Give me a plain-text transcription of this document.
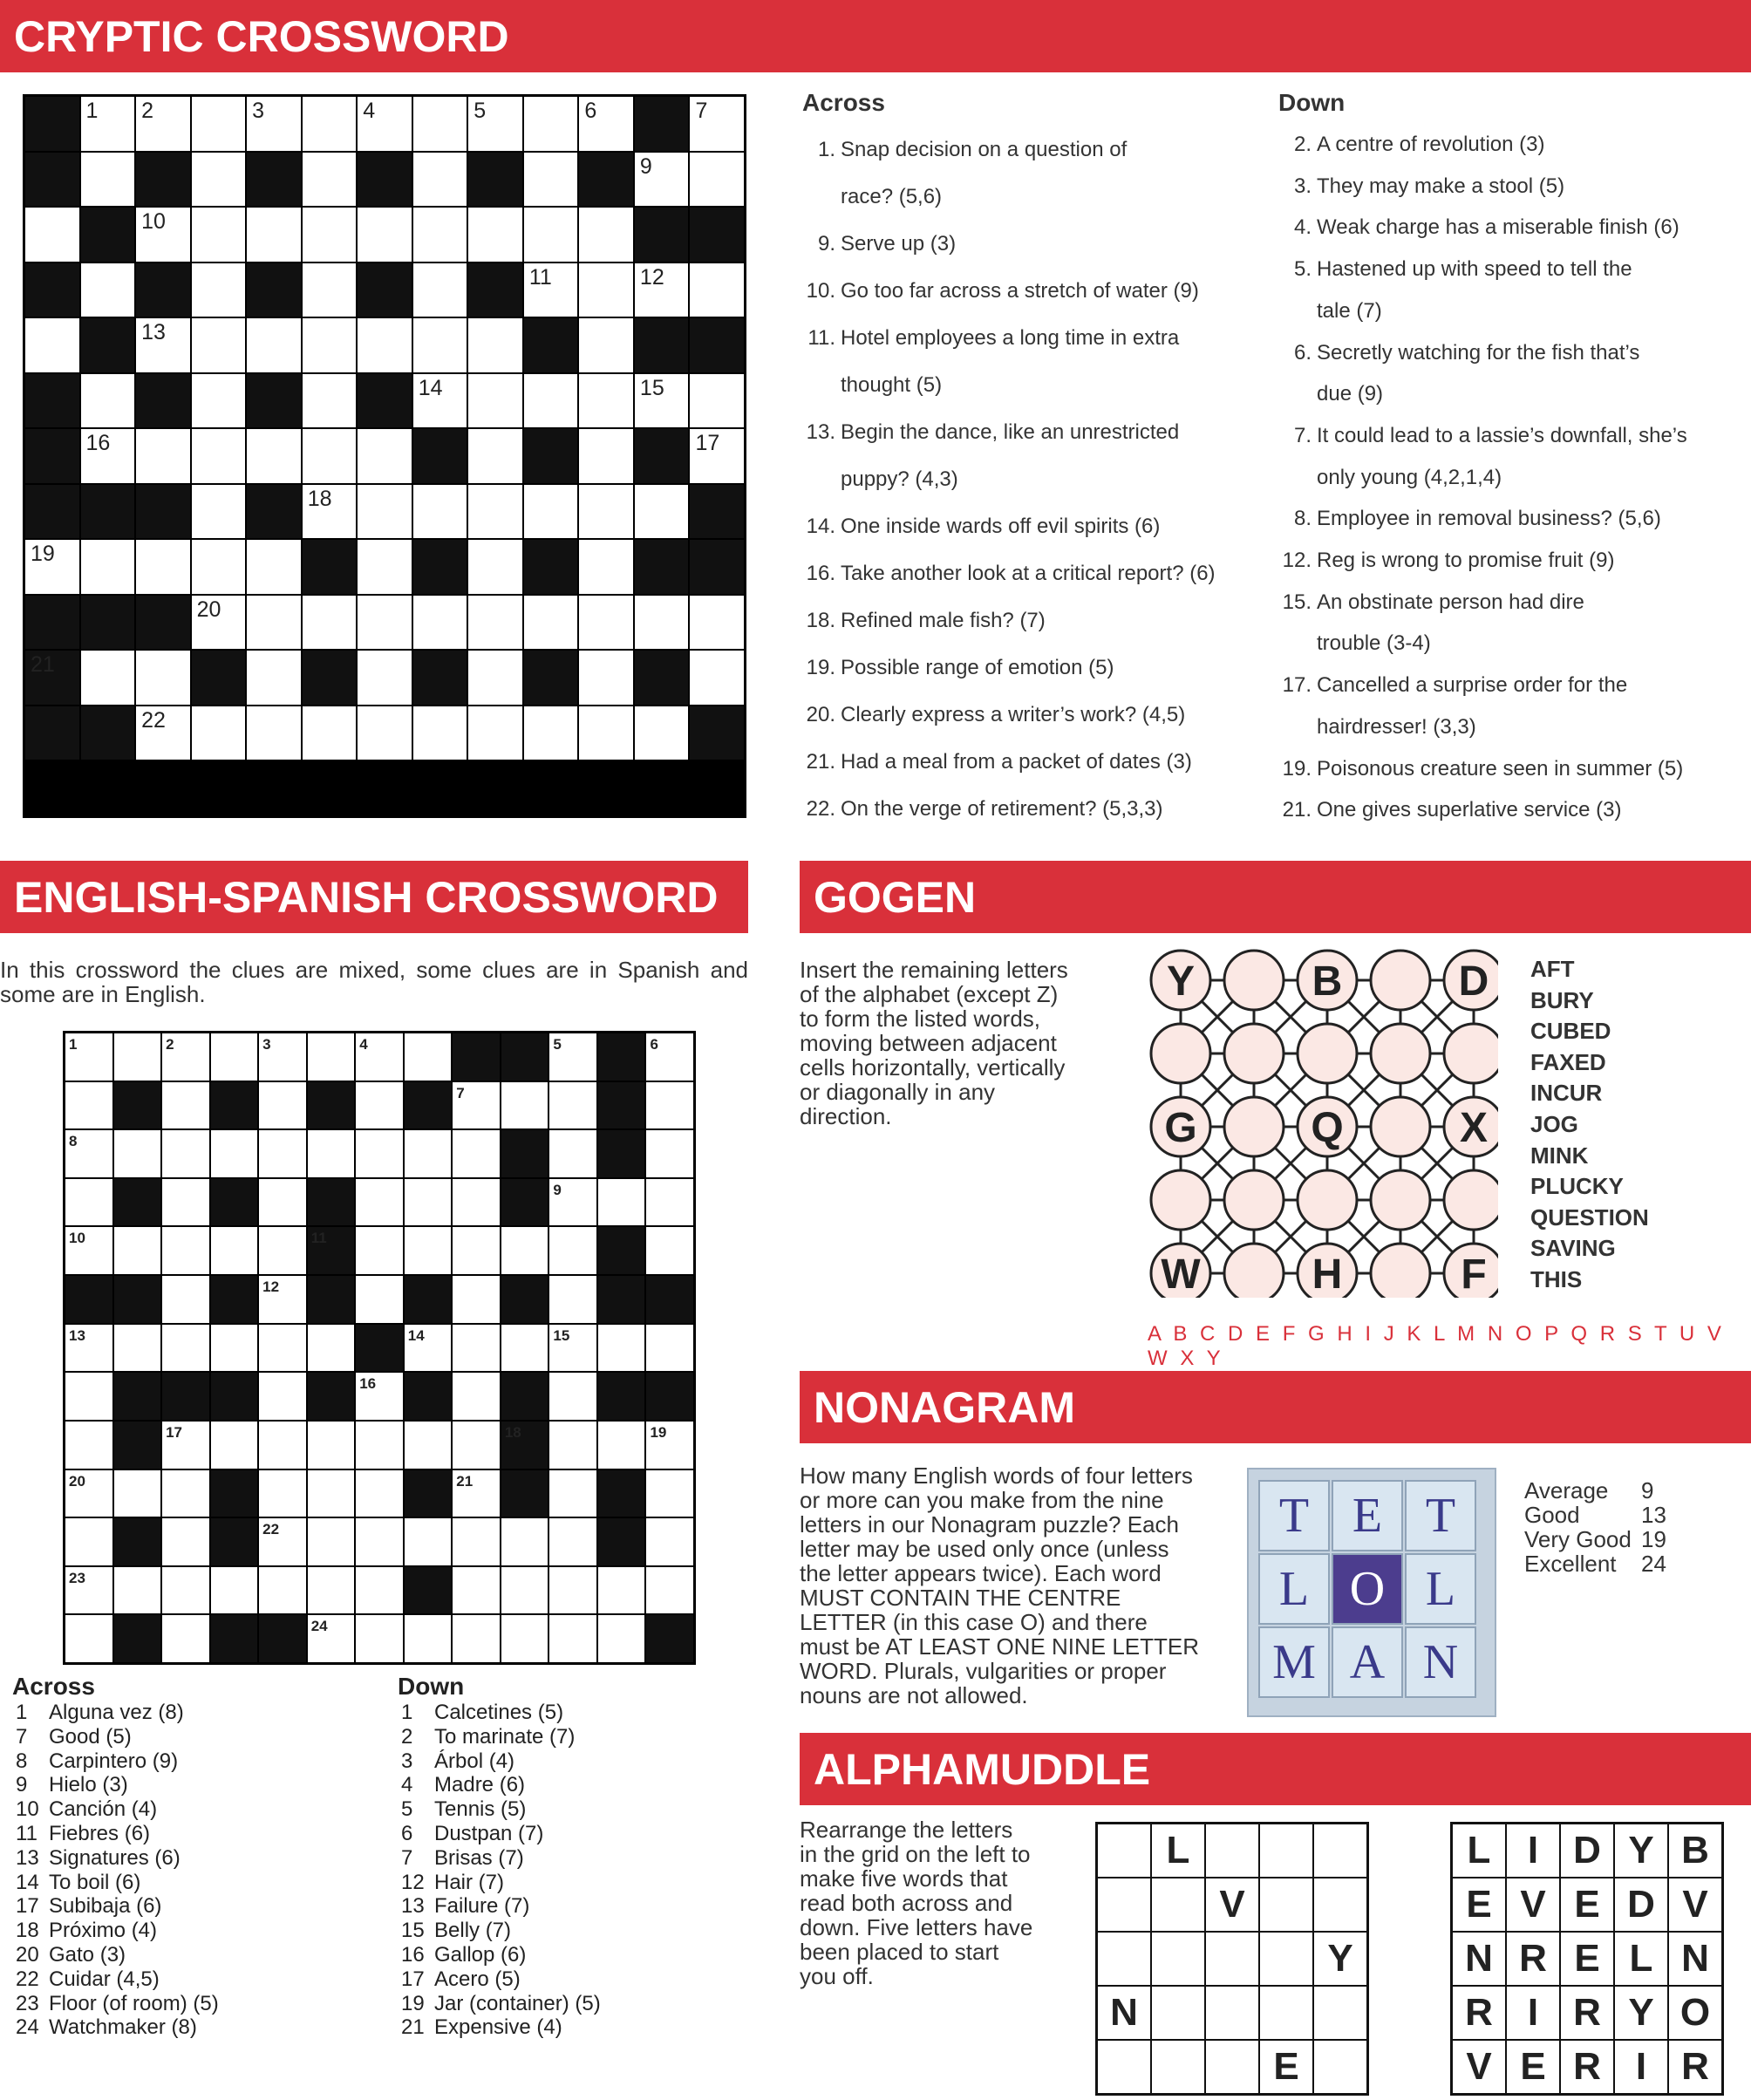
CRYPTIC CROSSWORD
1 2	3	4	5	6	7
9
10
11	12
13
14	15
16	17
18
19
20
21
22
Across
1. Snap decision on a question of
race? (5,6)
9. Serve up (3)
10. Go too far across a stretch of water (9)
11. Hotel employees a long time in extra
thought (5)
13. Begin the dance, like an unrestricted
puppy? (4,3)
14. One inside wards off evil spirits (6)
16. Take another look at a critical report? (6)
18. Refined male fish? (7)
19. Possible range of emotion (5)
20. Clearly express a writer’s work? (4,5)
21. Had a meal from a packet of dates (3)
22. On the verge of retirement? (5,3,3)
Down
2. A centre of revolution (3)
3. They may make a stool (5)
4. Weak charge has a miserable finish (6)
5. Hastened up with speed to tell the
tale (7)
6. Secretly watching for the fish that’s
due (9)
7. It could lead to a lassie’s downfall, she’s
only young (4,2,1,4)
8. Employee in removal business? (5,6)
12. Reg is wrong to promise fruit (9)
15. An obstinate person had dire
trouble (3-4)
17. Cancelled a surprise order for the
hairdresser! (3,3)
19. Poisonous creature seen in summer (5)
21. One gives superlative service (3)
ENGLISH-SPANISH CROSSWORD
In this crossword the clues are mixed, some clues are in Spanish and some are in English.
1	2	3	4	5	6
7
8
9
10	11
12
13	14	15
16
17	18	19
20	21
22
23
24
Across
1 Alguna vez (8)
7 Good (5)
8 Carpintero (9)
9 Hielo (3)
10 Canción (4)
11 Fiebres (6)
13 Signatures (6)
14 To boil (6)
17 Subibaja (6)
18 Próximo (4)
20 Gato (3)
22 Cuidar (4,5)
23 Floor (of room) (5)
24 Watchmaker (8)
Down
1 Calcetines (5)
2 To marinate (7)
3 Árbol (4)
4 Madre (6)
5 Tennis (5)
6 Dustpan (7)
7 Brisas (7)
12 Hair (7)
13 Failure (7)
15 Belly (7)
16 Gallop (6)
17 Acero (5)
19 Jar (container) (5)
21 Expensive (4)
GOGEN
Insert the remaining letters of the alphabet (except Z) to form the listed words, moving between adjacent cells horizontally, vertically or diagonally in any direction.
Y	B	D
G	Q	X
W	H	F
AFT
BURY
CUBED
FAXED
INCUR
JOG
MINK
PLUCKY
QUESTION
SAVING
THIS
A B C D E F G H I J K L M N O P Q R S T U V W X Y
NONAGRAM
How many English words of four letters or more can you make from the nine letters in our Nonagram puzzle? Each letter may be used only once (unless the letter appears twice). Each word MUST CONTAIN THE CENTRE LETTER (in this case O) and there must be AT LEAST ONE NINE LETTER WORD. Plurals, vulgarities or proper nouns are not allowed.
T E T
L O L
M A N
Average 9
Good	13
Very Good 19
Excellent 24
ALPHAMUDDLE
Rearrange the letters in the grid on the left to make five words that read both across and down. Five letters have been placed to start you off.
L
V
Y
N
E
L I D Y B
E V E D V
N R E L N
R I R Y O
V E R I R
